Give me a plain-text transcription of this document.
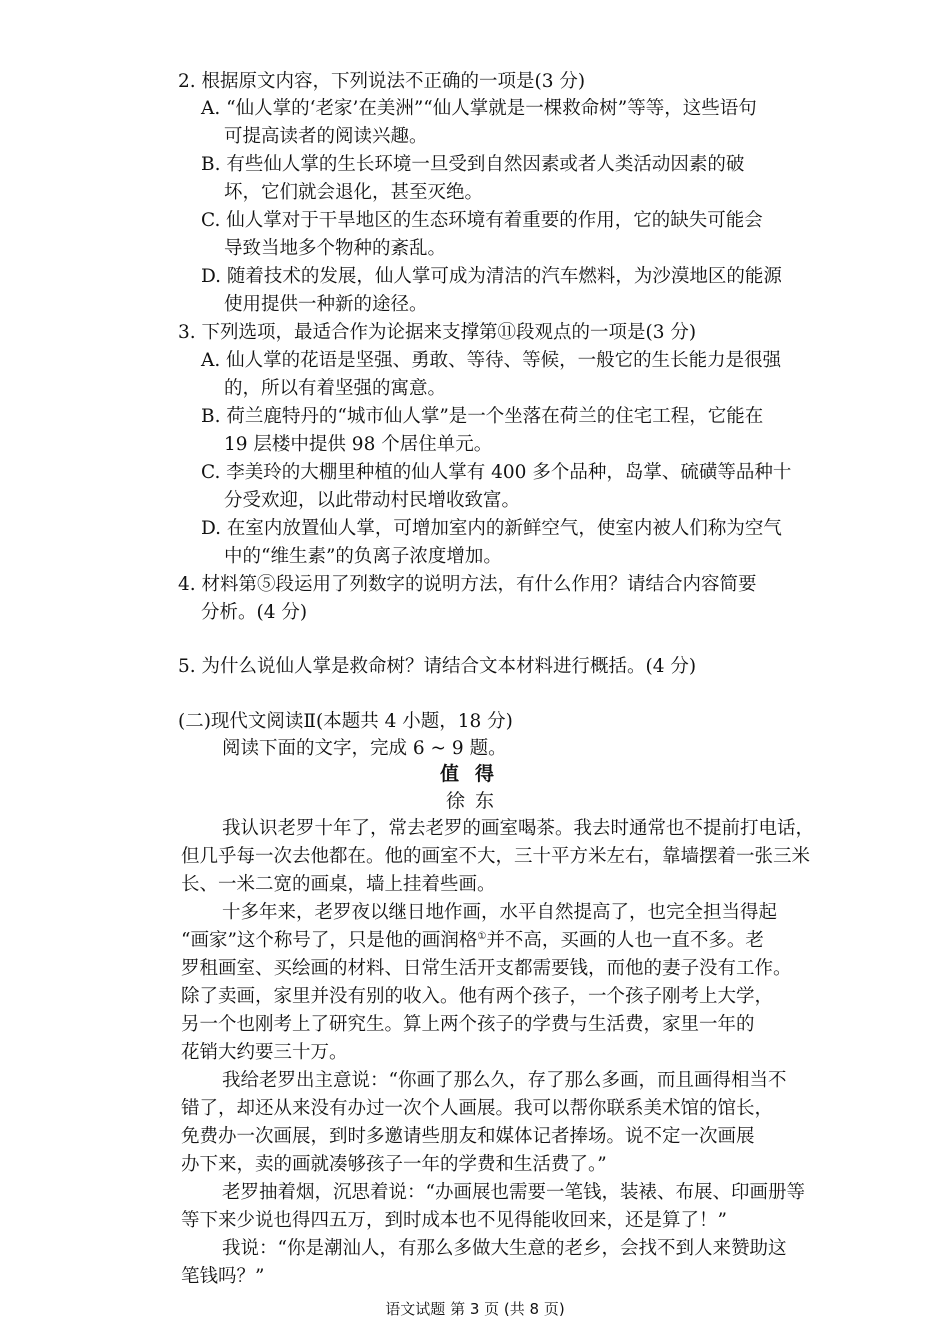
2. 根据原文内容，下列说法不正确的一项是(3 分)

A. “仙人掌的‘老家’在美洲”“仙人掌就是一棵救命树”等等，这些语句

可提高读者的阅读兴趣。

B. 有些仙人掌的生长环境一旦受到自然因素或者人类活动因素的破

坏，它们就会退化，甚至灭绝。

C. 仙人掌对于干旱地区的生态环境有着重要的作用，它的缺失可能会

导致当地多个物种的紊乱。

D. 随着技术的发展，仙人掌可成为清洁的汽车燃料，为沙漠地区的能源

使用提供一种新的途径。

3. 下列选项，最适合作为论据来支撑第⑪段观点的一项是(3 分)

A. 仙人掌的花语是坚强、勇敢、等待、等候，一般它的生长能力是很强

的，所以有着坚强的寓意。

B. 荷兰鹿特丹的“城市仙人掌”是一个坐落在荷兰的住宅工程，它能在

19 层楼中提供 98 个居住单元。

C. 李美玲的大棚里种植的仙人掌有 400 多个品种，岛掌、硫磺等品种十

分受欢迎，以此带动村民增收致富。

D. 在室内放置仙人掌，可增加室内的新鲜空气，使室内被人们称为空气

中的“维生素”的负离子浓度增加。

4. 材料第⑤段运用了列数字的说明方法，有什么作用？请结合内容简要

分析。(4 分)

5. 为什么说仙人掌是救命树？请结合文本材料进行概括。(4 分)

(二)现代文阅读Ⅱ(本题共 4 小题，18 分)

阅读下面的文字，完成 6 ~ 9 题。

值得

徐东

我认识老罗十年了，常去老罗的画室喝茶。我去时通常也不提前打电话，

但几乎每一次去他都在。他的画室不大，三十平方米左右，靠墙摆着一张三米

长、一米二宽的画桌，墙上挂着些画。

十多年来，老罗夜以继日地作画，水平自然提高了，也完全担当得起

“画家”这个称号了，只是他的画润格①并不高，买画的人也一直不多。老

罗租画室、买绘画的材料、日常生活开支都需要钱，而他的妻子没有工作。

除了卖画，家里并没有别的收入。他有两个孩子，一个孩子刚考上大学，

另一个也刚考上了研究生。算上两个孩子的学费与生活费，家里一年的

花销大约要三十万。

我给老罗出主意说：“你画了那么久，存了那么多画，而且画得相当不

错了，却还从来没有办过一次个人画展。我可以帮你联系美术馆的馆长，

免费办一次画展，到时多邀请些朋友和媒体记者捧场。说不定一次画展

办下来，卖的画就凑够孩子一年的学费和生活费了。”

老罗抽着烟，沉思着说：“办画展也需要一笔钱，装裱、布展、印画册等

等下来少说也得四五万，到时成本也不见得能收回来，还是算了！”

我说：“你是潮汕人，有那么多做大生意的老乡，会找不到人来赞助这

笔钱吗？”

语文试题 第 3 页 (共 8 页)
